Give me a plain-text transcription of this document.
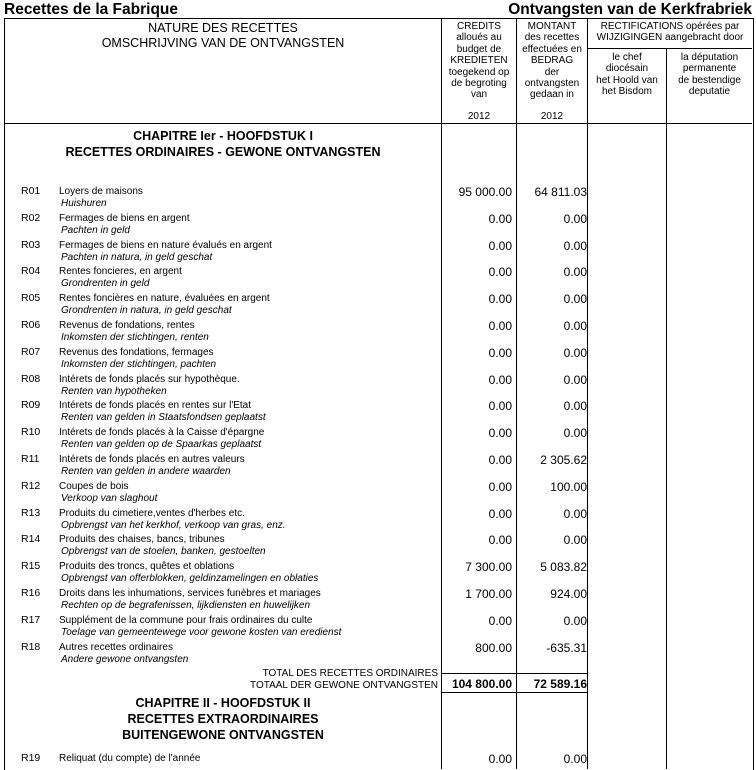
Recettes de la Fabrique	Ontvangsten van de Kerkfrabriek
NATURE DES RECETTES
OMSCHRIJVING VAN DE ONTVANGSTEN
CREDITS
alloués au
budget de
KREDIETEN
toegekend op
de begroting
van
2012
MONTANT
des recettes
effectuées en
BEDRAG
der
ontvangsten
gedaan in
2012
RECTIFICATIONS opérées par
WIJZIGINGEN aangebracht door
le chef
diocésain
het Hoold van
het Bisdom
la députation
permanente
de bestendige
deputatie
CHAPITRE Ier - HOOFDSTUK I
RECETTES ORDINAIRES - GEWONE ONTVANGSTEN
R01 Loyers de maisons
Huishuren
95 000.00 64 811.03
R02 Fermages de biens en argent
Pachten in geld
0.00	0.00
R03 Fermages de biens en nature évalués en argent
Pachten in natura, in geld geschat
0.00	0.00
R04 Rentes foncieres, en argent
Grondrenten in geld
0.00	0.00
R05 Rentes foncières en nature, évaluées en argent
Grondrenten in natura, in geld geschat
0.00	0.00
R06 Revenus de fondations, rentes
Inkomsten der stichtingen, renten
0.00	0.00
R07 Revenus des fondations, fermages
Inkomsten der stichtingen, pachten
0.00	0.00
R08 Intérets de fonds placés sur hypothèque.
Renten van hypotheken
0.00	0.00
R09 Intérets de fonds placés en rentes sur l'Etat
Renten van gelden in Staatsfondsen geplaatst
0.00	0.00
R10 Intérets de fonds placés à la Caisse d'épargne
Renten van gelden op de Spaarkas geplaatst
0.00	0.00
R11 Intérets de fonds placés en autres valeurs
Renten van gelden in andere waarden
0.00 2 305.62
R12 Coupes de bois
Verkoop van slaghout
0.00	100.00
R13 Produits du cimetiere,ventes d'herbes etc.
Opbrengst van het kerkhof, verkoop van gras, enz.
0.00	0.00
R14 Produits des chaises, bancs, tribunes
Opbrengst van de stoelen, banken, gestoelten
0.00	0.00
R15 Produits des troncs, quêtes et oblations
Opbrengst van offerblokken, geldinzamelingen en oblaties
7 300.00 5 083.82
R16 Droits dans les inhumations, services funèbres et mariages
Rechten op de begrafenissen, lijkdiensten en huwelijken
1 700.00	924.00
R17 Supplément de la commune pour frais ordinaires du culte
Toelage van gemeentewege voor gewone kosten van eredienst
0.00	0.00
R18 Autres recettes ordinaires
Andere gewone ontvangsten
800.00	-635.31
TOTAL DES RECETTES ORDINAIRES
TOTAAL DER GEWONE ONTVANGSTEN 104 800.00 72 589.16
CHAPITRE II - HOOFDSTUK II
RECETTES EXTRAORDINAIRES
BUITENGEWONE ONTVANGSTEN
R19 Reliquat (du compte) de l'année	0.00	0.00
